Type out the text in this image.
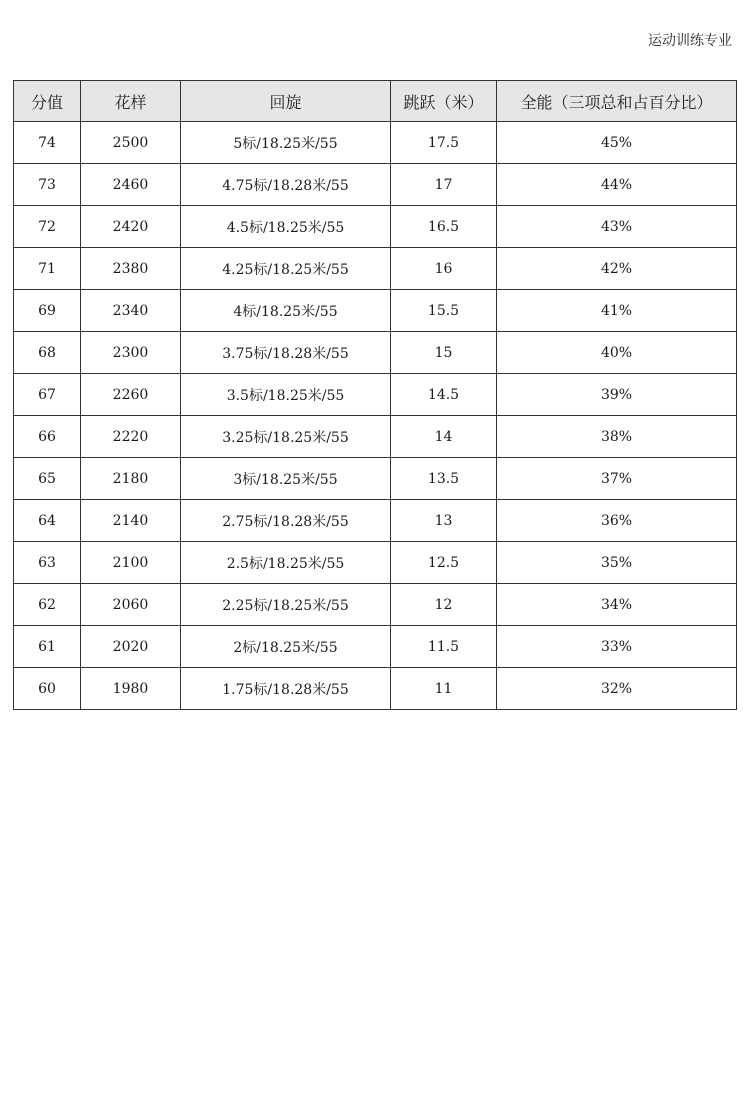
运动训练专业
分值	花样	回旋	跳跃（米）	全能（三项总和占百分比）
74	2500	5标/18.25米/55	17.5	45%
73	2460	4.75标/18.28米/55	17	44%
72	2420	4.5标/18.25米/55	16.5	43%
71	2380	4.25标/18.25米/55	16	42%
69	2340	4标/18.25米/55	15.5	41%
68	2300	3.75标/18.28米/55	15	40%
67	2260	3.5标/18.25米/55	14.5	39%
66	2220	3.25标/18.25米/55	14	38%
65	2180	3标/18.25米/55	13.5	37%
64	2140	2.75标/18.28米/55	13	36%
63	2100	2.5标/18.25米/55	12.5	35%
62	2060	2.25标/18.25米/55	12	34%
61	2020	2标/18.25米/55	11.5	33%
60	1980	1.75标/18.28米/55	11	32%
